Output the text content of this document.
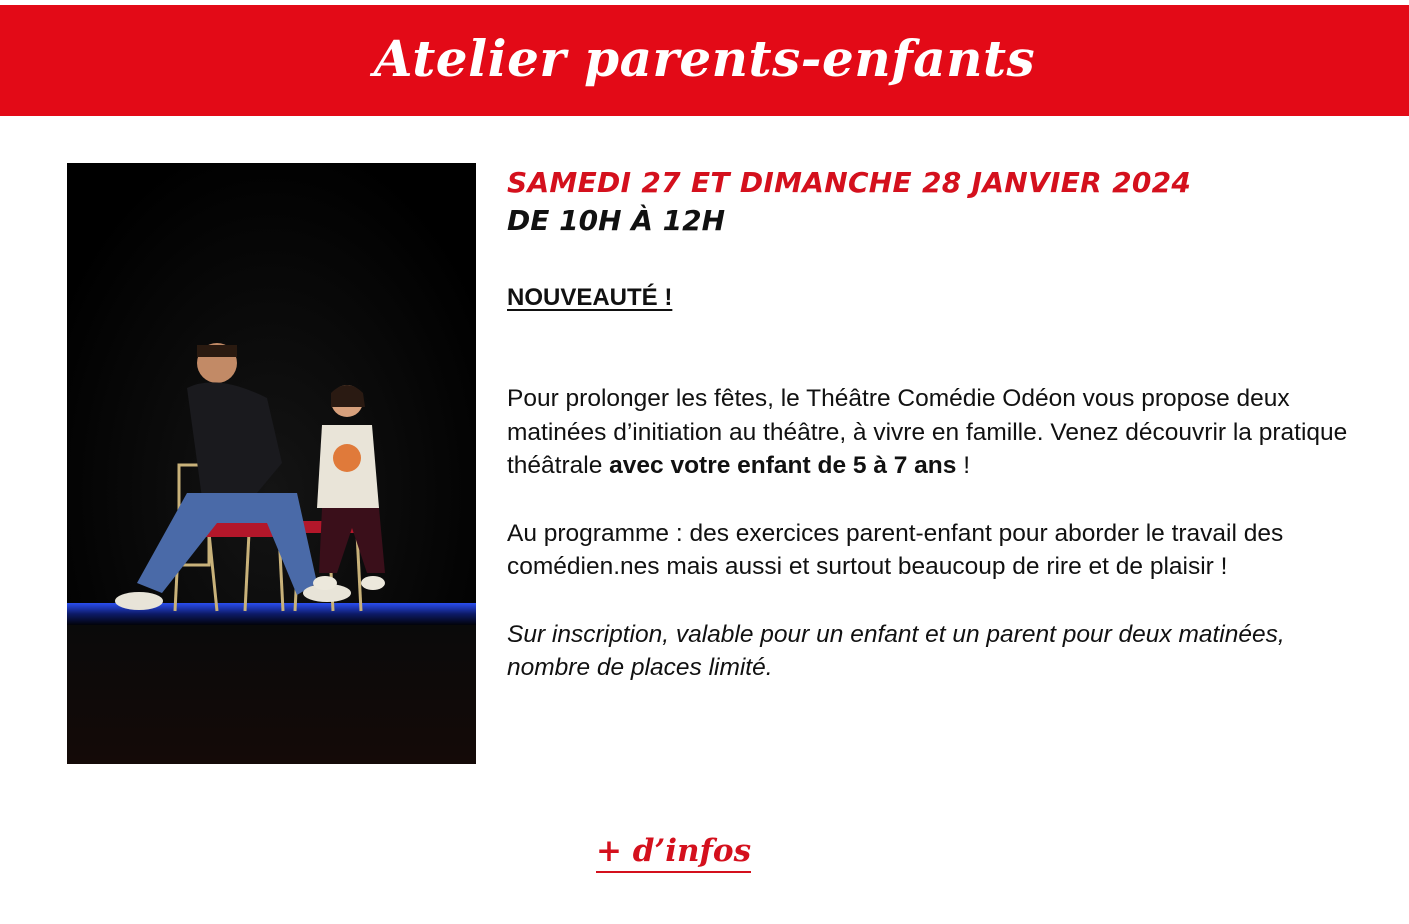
Atelier parents-enfants
SAMEDI 27 ET DIMANCHE 28 JANVIER 2024
DE 10H À 12H
NOUVEAUTÉ !

Pour prolonger les fêtes, le Théâtre Comédie Odéon vous propose deux matinées d’initiation au théâtre, à vivre en famille. Venez découvrir la pratique théâtrale avec votre enfant de 5 à 7 ans !

Au programme : des exercices parent-enfant pour aborder le travail des comédien.nes mais aussi et surtout beaucoup de rire et de plaisir !

Sur inscription, valable pour un enfant et un parent pour deux matinées, nombre de places limité.

+ d’infos
